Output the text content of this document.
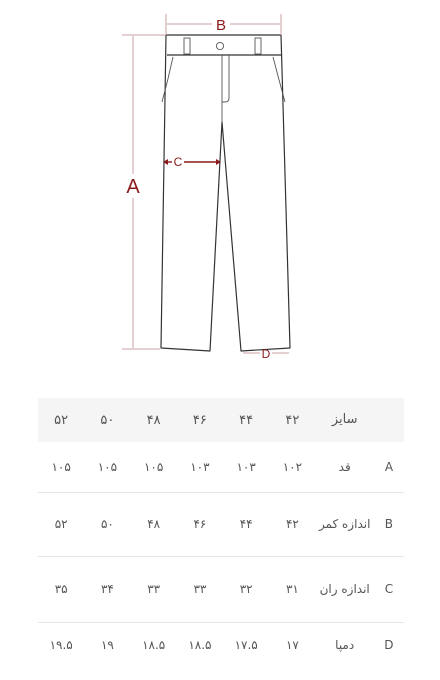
B
A
C
D
	سایز	۴۲	۴۴	۴۶	۴۸	۵۰	۵۲
A	قد	۱۰۲	۱۰۳	۱۰۳	۱۰۵	۱۰۵	۱۰۵
B	اندازه کمر	۴۲	۴۴	۴۶	۴۸	۵۰	۵۲
C	اندازه ران	۳۱	۳۲	۳۳	۳۳	۳۴	۳۵
D	دمپا	۱۷	۱۷.۵	۱۸.۵	۱۸.۵	۱۹	۱۹.۵
